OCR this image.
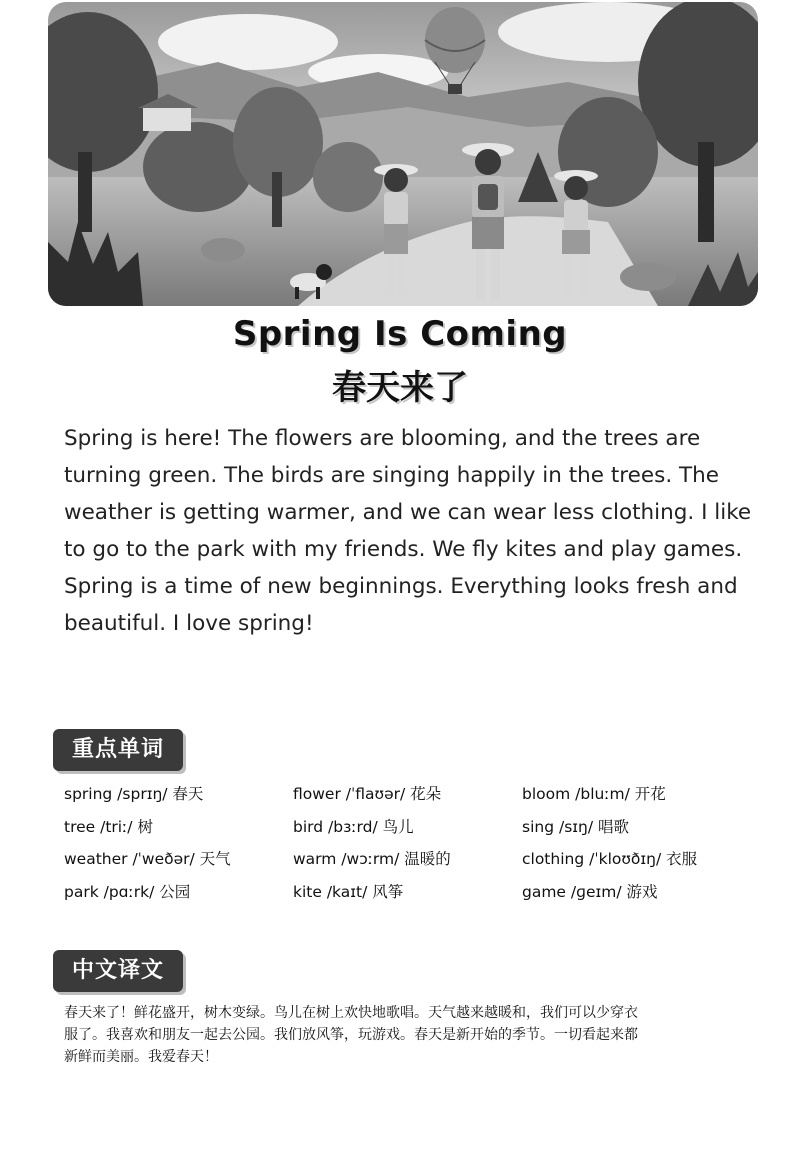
Spring Is Coming
春天来了

Spring is here! The flowers are blooming, and the trees are turning green. The birds are singing happily in the trees. The weather is getting warmer, and we can wear less clothing. I like to go to the park with my friends. We fly kites and play games. Spring is a time of new beginnings. Everything looks fresh and beautiful. I love spring!

重点单词
spring /sprɪŋ/ 春天	flower /ˈflaʊər/ 花朵	bloom /bluːm/ 开花
tree /triː/ 树	bird /bɜːrd/ 鸟儿	sing /sɪŋ/ 唱歌
weather /ˈweðər/ 天气	warm /wɔːrm/ 温暖的	clothing /ˈkloʊðɪŋ/ 衣服
park /pɑːrk/ 公园	kite /kaɪt/ 风筝	game /ɡeɪm/ 游戏
中文译文

春天来了！鲜花盛开，树木变绿。鸟儿在树上欢快地歌唱。天气越来越暖和，我们可以少穿衣服了。我喜欢和朋友一起去公园。我们放风筝，玩游戏。春天是新开始的季节。一切看起来都新鲜而美丽。我爱春天！
